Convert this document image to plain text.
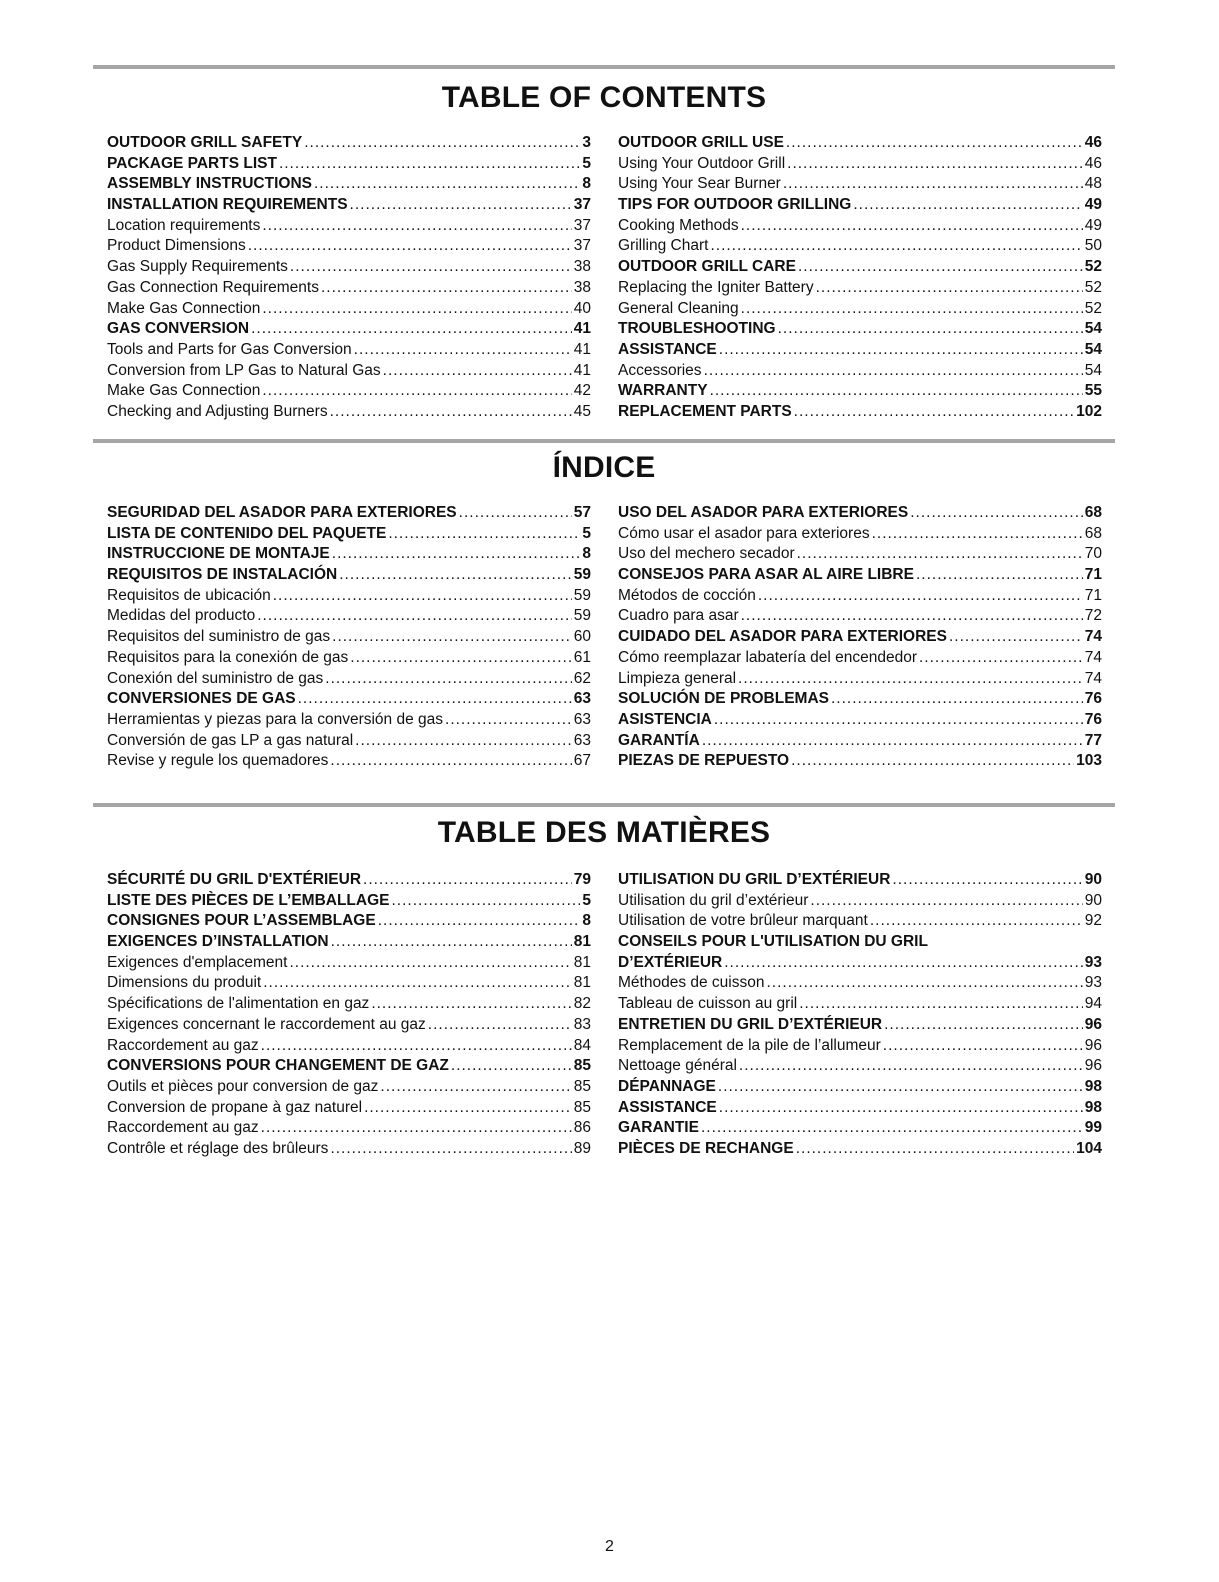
TABLE OF CONTENTS
OUTDOOR GRILL SAFETY .....	3
PACKAGE PARTS LIST .....	5
ASSEMBLY INSTRUCTIONS .....	8
INSTALLATION REQUIREMENTS .....	37
Location requirements .....	37
Product Dimensions .....	37
Gas Supply Requirements .....	38
Gas Connection Requirements .....	38
Make Gas Connection .....	40
GAS CONVERSION .....	41
Tools and Parts for Gas Conversion .....	41
Conversion from LP Gas to Natural Gas .....	41
Make Gas Connection .....	42
Checking and Adjusting Burners .....	45
OUTDOOR GRILL USE .....	46
Using Your Outdoor Grill .....	46
Using Your Sear Burner .....	48
TIPS FOR OUTDOOR GRILLING .....	49
Cooking Methods .....	49
Grilling Chart .....	50
OUTDOOR GRILL CARE .....	52
Replacing the Igniter Battery .....	52
General Cleaning .....	52
TROUBLESHOOTING .....	54
ASSISTANCE .....	54
Accessories .....	54
WARRANTY .....	55
REPLACEMENT PARTS .....	102
ÍNDICE
SEGURIDAD DEL ASADOR PARA EXTERIORES .....	57
LISTA DE CONTENIDO DEL PAQUETE .....	5
INSTRUCCIONE DE MONTAJE .....	8
REQUISITOS DE INSTALACIÓN .....	59
Requisitos de ubicación .....	59
Medidas del producto .....	59
Requisitos del suministro de gas .....	60
Requisitos para la conexión de gas .....	61
Conexión del suministro de gas .....	62
CONVERSIONES DE GAS .....	63
Herramientas y piezas para la conversión de gas .....	63
Conversión de gas LP a gas natural .....	63
Revise y regule los quemadores .....	67
USO DEL ASADOR PARA EXTERIORES .....	68
Cómo usar el asador para exteriores .....	68
Uso del mechero secador .....	70
CONSEJOS PARA ASAR AL AIRE LIBRE .....	71
Métodos de cocción .....	71
Cuadro para asar .....	72
CUIDADO DEL ASADOR PARA EXTERIORES .....	74
Cómo reemplazar labatería del encendedor .....	74
Limpieza general .....	74
SOLUCIÓN DE PROBLEMAS .....	76
ASISTENCIA .....	76
GARANTÍA .....	77
PIEZAS DE REPUESTO .....	103
TABLE DES MATIÈRES
SÉCURITÉ DU GRIL D'EXTÉRIEUR .....	79
LISTE DES PIÈCES DE L’EMBALLAGE .....	5
CONSIGNES POUR L’ASSEMBLAGE .....	8
EXIGENCES D’INSTALLATION .....	81
Exigences d'emplacement .....	81
Dimensions du produit .....	81
Spécifications de l'alimentation en gaz .....	82
Exigences concernant le raccordement au gaz .....	83
Raccordement au gaz .....	84
CONVERSIONS POUR CHANGEMENT DE GAZ .....	85
Outils et pièces pour conversion de gaz .....	85
Conversion de propane à gaz naturel .....	85
Raccordement au gaz .....	86
Contrôle et réglage des brûleurs .....	89
UTILISATION DU GRIL D’EXTÉRIEUR .....	90
Utilisation du gril d’extérieur .....	90
Utilisation de votre brûleur marquant .....	92
CONSEILS POUR L'UTILISATION DU GRIL
D’EXTÉRIEUR .....	93
Méthodes de cuisson .....	93
Tableau de cuisson au gril .....	94
ENTRETIEN DU GRIL D’EXTÉRIEUR .....	96
Remplacement de la pile de l’allumeur .....	96
Nettoage général .....	96
DÉPANNAGE .....	98
ASSISTANCE .....	98
GARANTIE .....	99
PIÈCES DE RECHANGE .....	104
2
